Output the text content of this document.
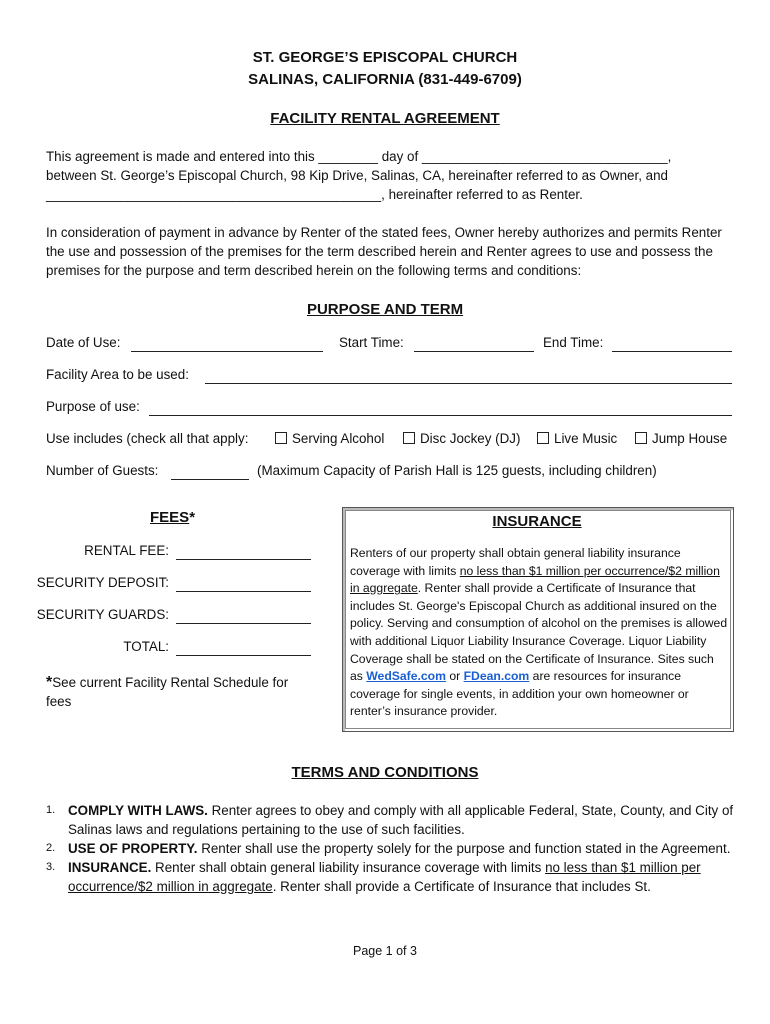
ST. GEORGE’S EPISCOPAL CHURCH
SALINAS, CALIFORNIA (831-449-6709)
FACILITY RENTAL AGREEMENT
This agreement is made and entered into this ________ day of _________________________________,
between St. George’s Episcopal Church, 98 Kip Drive, Salinas, CA, hereinafter referred to as Owner, and
_____________________________________________, hereinafter referred to as Renter.
In consideration of payment in advance by Renter of the stated fees, Owner hereby authorizes and permits Renter the use and possession of the premises for the term described herein and Renter agrees to use and possess the premises for the purpose and term described herein on the following terms and conditions:
PURPOSE AND TERM
Date of Use:	Start Time:	End Time:
Facility Area to be used:
Purpose of use:
Use includes (check all that apply:	Serving Alcohol	Disc Jockey (DJ)	Live Music	Jump House
Number of Guests:	(Maximum Capacity of Parish Hall is 125 guests, including children)
FEES*
RENTAL FEE:
SECURITY DEPOSIT:
SECURITY GUARDS:
TOTAL:
*See current Facility Rental Schedule for fees
INSURANCE
Renters of our property shall obtain general liability insurance coverage with limits no less than $1 million per occurrence/$2 million in aggregate. Renter shall provide a Certificate of Insurance that includes St. George's Episcopal Church as additional insured on the policy. Serving and consumption of alcohol on the premises is allowed with additional Liquor Liability Insurance Coverage. Liquor Liability Coverage shall be stated on the Certificate of Insurance. Sites such as WedSafe.com or FDean.com are resources for insurance coverage for single events, in addition your own homeowner or renter’s insurance provider.
TERMS AND CONDITIONS
1. COMPLY WITH LAWS. Renter agrees to obey and comply with all applicable Federal, State, County, and City of Salinas laws and regulations pertaining to the use of such facilities.
2. USE OF PROPERTY. Renter shall use the property solely for the purpose and function stated in the Agreement.
3. INSURANCE. Renter shall obtain general liability insurance coverage with limits no less than $1 million per occurrence/$2 million in aggregate. Renter shall provide a Certificate of Insurance that includes St.
Page 1 of 3
